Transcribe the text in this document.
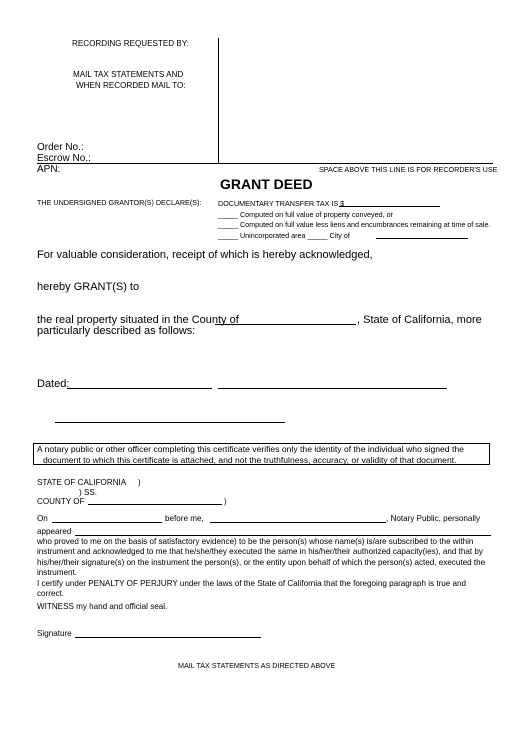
RECORDING REQUESTED BY:
MAIL TAX STATEMENTS AND
WHEN RECORDED MAIL TO:
Order No.:
Escrow No.:
APN:	SPACE ABOVE THIS LINE IS FOR RECORDER'S USE
GRANT DEED
THE UNDERSIGNED GRANTOR(S) DECLARE(S): DOCUMENTARY TRANSFER TAX IS $
_____ Computed on full value of property conveyed, or
_____ Computed on full value less liens and encumbrances remaining at time of sale.
_____ Unincorporated area _____ City of
For valuable consideration, receipt of which is hereby acknowledged,
hereby GRANT(S) to
the real property situated in the County of	, State of California, more
particularly described as follows:
Dated:
A notary public or other officer completing this certificate verifies only the identity of the individual who signed the
document to which this certificate is attached, and not the truthfulness, accuracy, or validity of that document.
STATE OF CALIFORNIA )
) SS.
COUNTY OF	)
On	before me,	, Notary Public, personally
appeared
who proved to me on the basis of satisfactory evidence) to be the person(s) whose name(s) is/are subscribed to the within instrument and acknowledged to me that he/she/they executed the same in his/her/their authorized capacity(ies), and that by his/her/their signature(s) on the instrument the person(s), or the entity upon behalf of which the person(s) acted, executed the instrument.
I certify under PENALTY OF PERJURY under the laws of the State of California that the foregoing paragraph is true and correct.
WITNESS my hand and official seal.
Signature
MAIL TAX STATEMENTS AS DIRECTED ABOVE
